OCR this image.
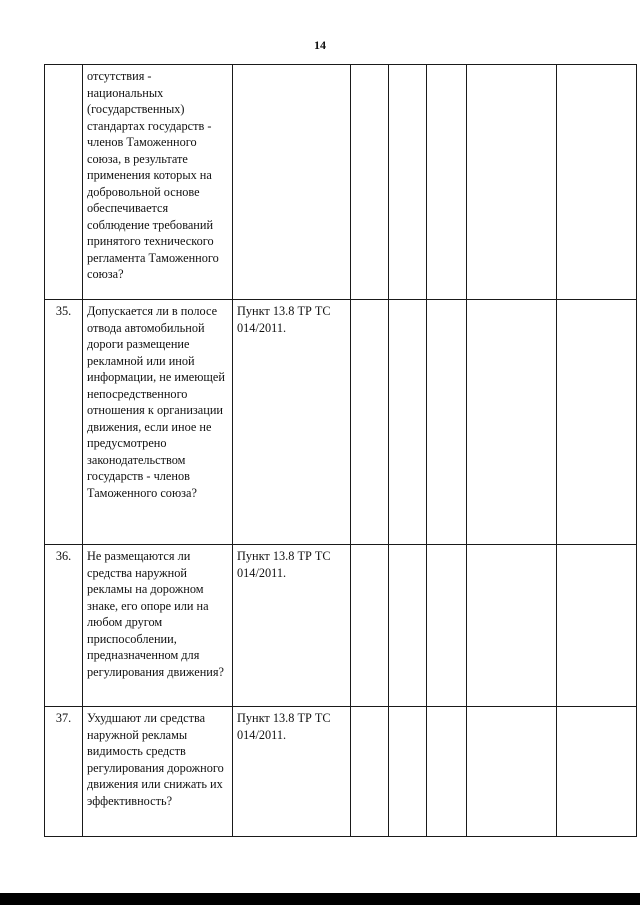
14
	отсутствия - национальных (государственных) стандартах государств - членов Таможенного союза, в результате применения которых на добровольной основе обеспечивается соблюдение требований принятого технического регламента Таможенного союза?						
35.	Допускается ли в полосе отвода автомобильной дороги размещение рекламной или иной информации, не имеющей непосредственного отношения к организации движения, если иное не предусмотрено законодательством государств - членов Таможенного союза?	Пункт 13.8 ТР ТС 014/2011.					
36.	Не размещаются ли средства наружной рекламы на дорожном знаке, его опоре или на любом другом приспособлении, предназначенном для регулирования движения?	Пункт 13.8 ТР ТС 014/2011.					
37.	Ухудшают ли средства наружной рекламы видимость средств регулирования дорожного движения или снижать их эффективность?	Пункт 13.8 ТР ТС 014/2011.					
